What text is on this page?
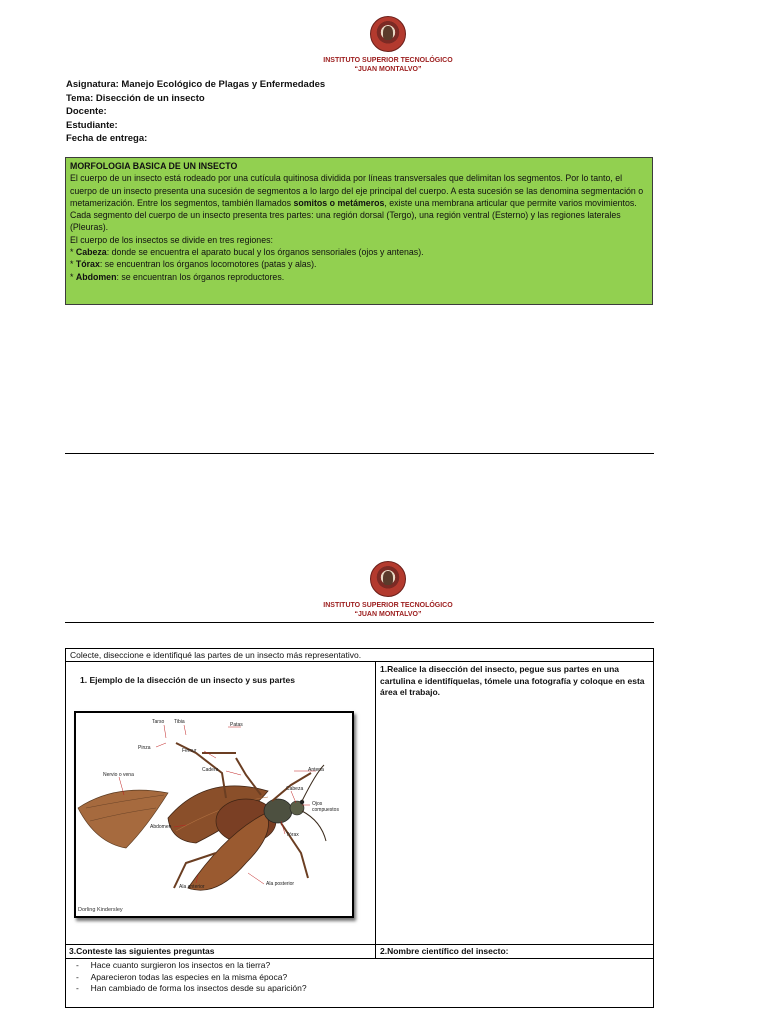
INSTITUTO SUPERIOR TECNOLÓGICO
“JUAN MONTALVO”
Asignatura: Manejo Ecológico de Plagas y Enfermedades
Tema: Disección de un insecto
Docente:
Estudiante:
Fecha de entrega:

MORFOLOGIA BASICA DE UN INSECTO

El cuerpo de un insecto está rodeado por una cutícula quitinosa dividida por líneas transversales que delimitan los segmentos. Por lo tanto, el cuerpo de un insecto presenta una sucesión de segmentos a lo largo del eje principal del cuerpo. A esta sucesión se las denomina segmentación o metamerización. Entre los segmentos, también llamados somitos o metámeros, existe una membrana articular que permite varios movimientos. Cada segmento del cuerpo de un insecto presenta tres partes: una región dorsal (Tergo), una región ventral (Esterno) y las regiones laterales (Pleuras).

El cuerpo de los insectos se divide en tres regiones:

* Cabeza: donde se encuentra el aparato bucal y los órganos sensoriales (ojos y antenas).

* Tórax: se encuentran los órganos locomotores (patas y alas).

* Abdomen: se encuentran los órganos reproductores.

INSTITUTO SUPERIOR TECNOLÓGICO
“JUAN MONTALVO”
Colecte, diseccione e identifiqué las partes de un insecto más representativo.
1. Ejemplo de la disección de un insecto y sus partes
1.Realice la disección del insecto, pegue sus partes en una cartulina e identifíquelas, tómele una fotografía y coloque en esta área el trabajo.
3.Conteste las siguientes preguntas	2.Nombre científico del insecto:
-     Hace cuanto surgieron los insectos en la tierra?
-     Aparecieron todas las especies en la misma época?
-     Han cambiado de forma los insectos desde su aparición?
Tarso Tibia	Patas
Pinza	Fémur
Nervio o vena
Cadera	Antena
Cabeza
Ojos compuestos
Abdomen
Tórax
Ala anterior	Ala posterior
Dorling Kindersley
